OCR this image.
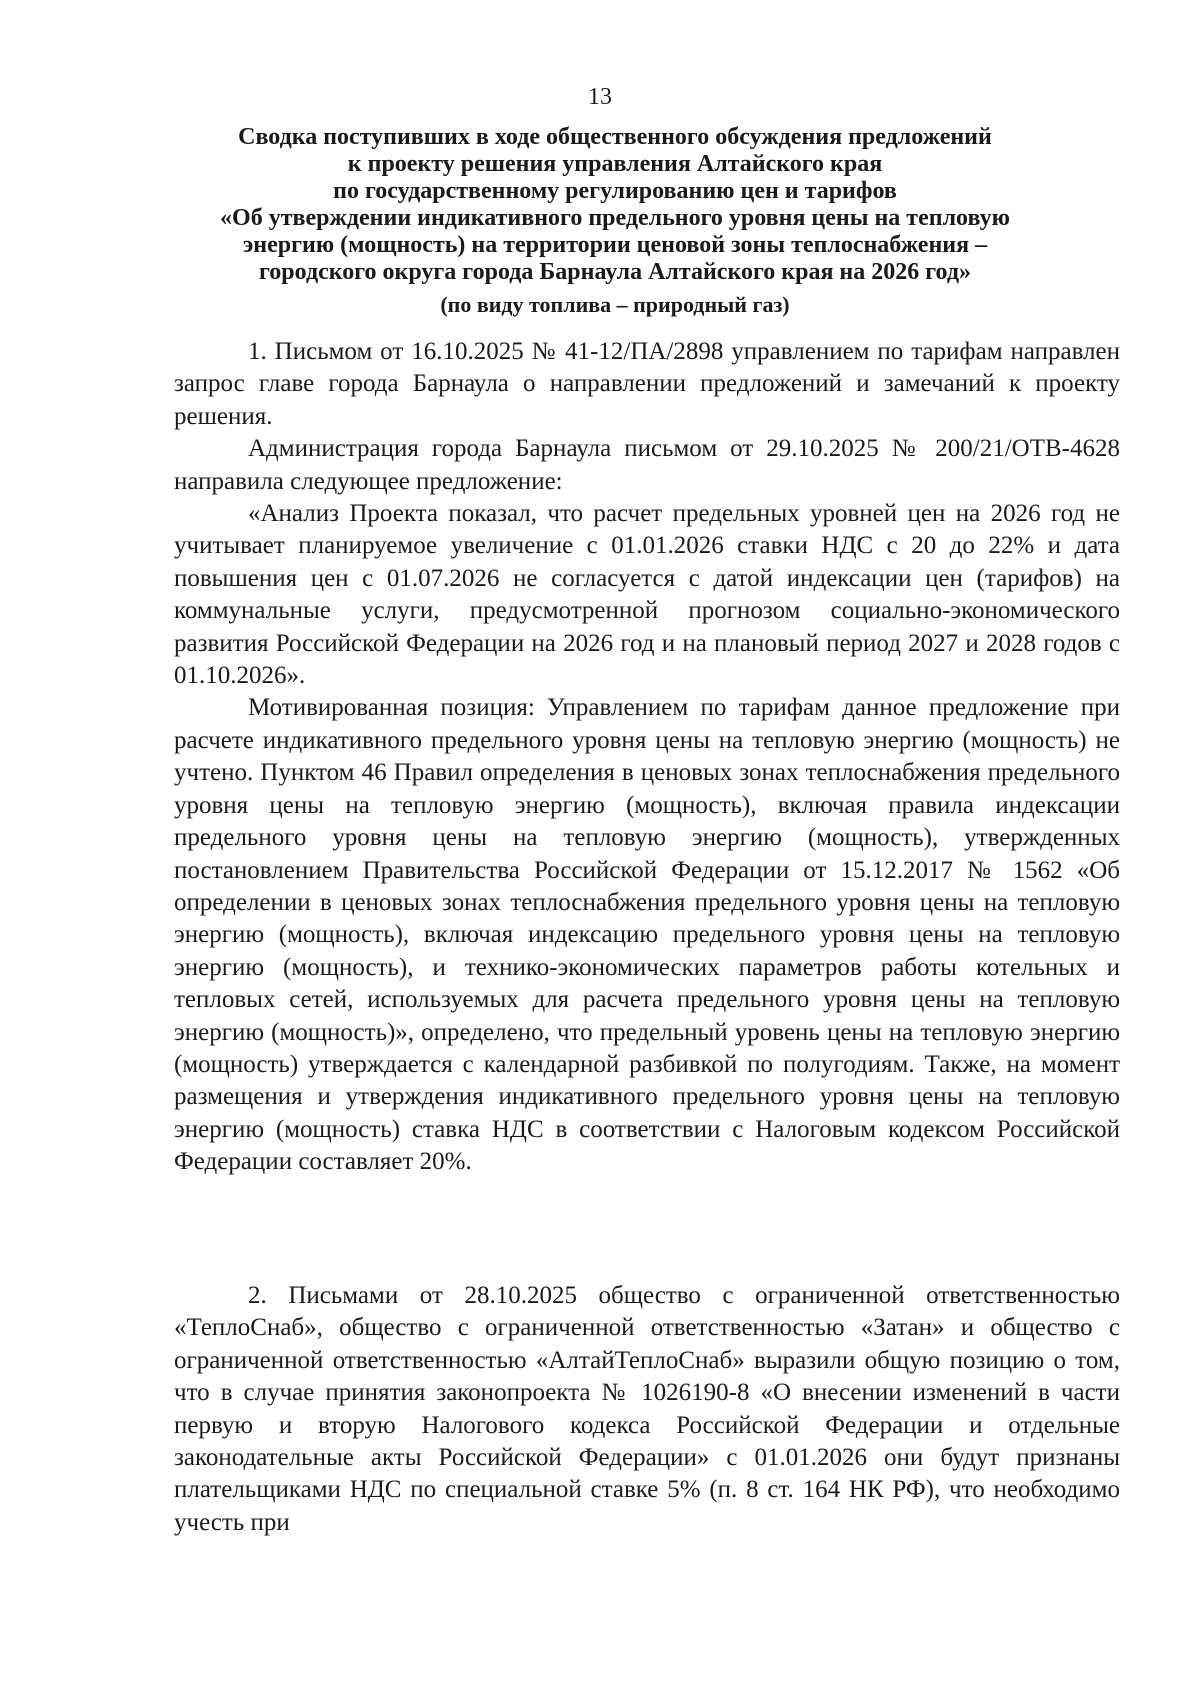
13
Сводка поступивших в ходе общественного обсуждения предложений
к проекту решения управления Алтайского края
по государственному регулированию цен и тарифов
«Об утверждении индикативного предельного уровня цены на тепловую
энергию (мощность) на территории ценовой зоны теплоснабжения –
городского округа города Барнаула Алтайского края на 2026 год»
(по виду топлива – природный газ)

1. Письмом от 16.10.2025 № 41-12/ПА/2898 управлением по тарифам направлен запрос главе города Барнаула о направлении предложений и замечаний к проекту решения.

Администрация города Барнаула письмом от 29.10.2025 № 200/21/ОТВ-4628 направила следующее предложение:

«Анализ Проекта показал, что расчет предельных уровней цен на 2026 год не учитывает планируемое увеличение с 01.01.2026 ставки НДС с 20 до 22% и дата повышения цен с 01.07.2026 не согласуется с датой индексации цен (тарифов) на коммунальные услуги, предусмотренной прогнозом социально-экономического развития Российской Федерации на 2026 год и на плановый период 2027 и 2028 годов с 01.10.2026».

Мотивированная позиция: Управлением по тарифам данное предложение при расчете индикативного предельного уровня цены на тепловую энергию (мощность) не учтено. Пунктом 46 Правил определения в ценовых зонах теплоснабжения предельного уровня цены на тепловую энергию (мощность), включая правила индексации предельного уровня цены на тепловую энергию (мощность), утвержденных постановлением Правительства Российской Федерации от 15.12.2017 № 1562 «Об определении в ценовых зонах теплоснабжения предельного уровня цены на тепловую энергию (мощность), включая индексацию предельного уровня цены на тепловую энергию (мощность), и технико-экономических параметров работы котельных и тепловых сетей, используемых для расчета предельного уровня цены на тепловую энергию (мощность)», определено, что предельный уровень цены на тепловую энергию (мощность) утверждается с календарной разбивкой по полугодиям. Также, на момент размещения и утверждения индикативного предельного уровня цены на тепловую энергию (мощность) ставка НДС в соответствии с Налоговым кодексом Российской Федерации составляет 20%.

2. Письмами от 28.10.2025 общество с ограниченной ответственностью «ТеплоСнаб», общество с ограниченной ответственностью «Затан» и общество с ограниченной ответственностью «АлтайТеплоСнаб» выразили общую позицию о том, что в случае принятия законопроекта № 1026190-8 «О внесении изменений в части первую и вторую Налогового кодекса Российской Федерации и отдельные законодательные акты Российской Федерации» с 01.01.2026 они будут признаны плательщиками НДС по специальной ставке 5% (п. 8 ст. 164 НК РФ), что необходимо учесть при
